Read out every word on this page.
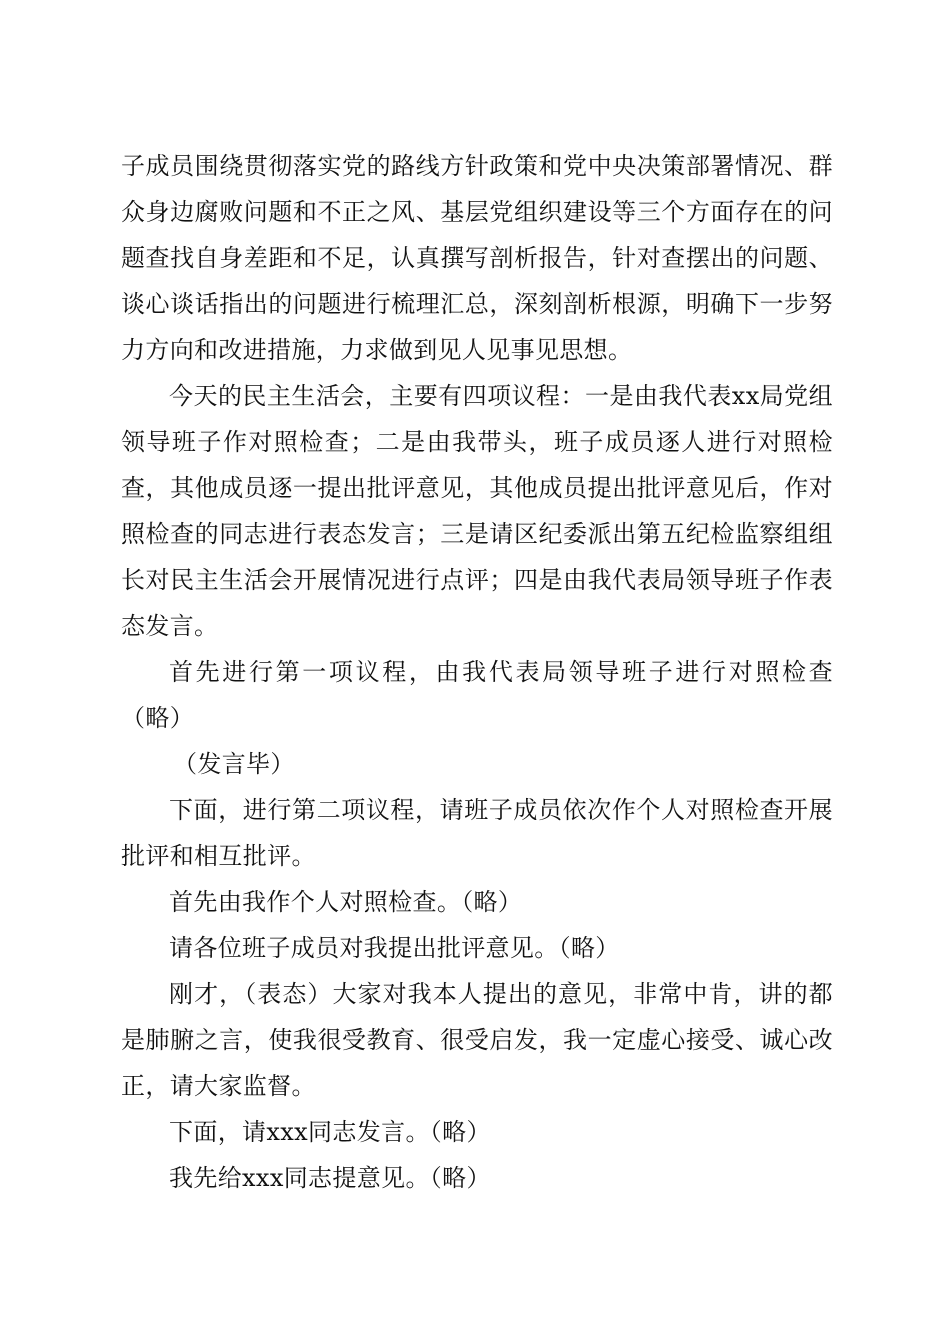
子成员围绕贯彻落实党的路线方针政策和党中央决策部署情况、群众身边腐败问题和不正之风、基层党组织建设等三个方面存在的问题查找自身差距和不足，认真撰写剖析报告，针对查摆出的问题、谈心谈话指出的问题进行梳理汇总，深刻剖析根源，明确下一步努力方向和改进措施，力求做到见人见事见思想。

今天的民主生活会，主要有四项议程：一是由我代表xx局党组领导班子作对照检查；二是由我带头，班子成员逐人进行对照检查，其他成员逐一提出批评意见，其他成员提出批评意见后，作对照检查的同志进行表态发言；三是请区纪委派出第五纪检监察组组长对民主生活会开展情况进行点评；四是由我代表局领导班子作表态发言。

首先进行第一项议程，由我代表局领导班子进行对照检查（略）

（发言毕）

下面，进行第二项议程，请班子成员依次作个人对照检查开展批评和相互批评。

首先由我作个人对照检查。（略）

请各位班子成员对我提出批评意见。（略）

刚才，（表态）大家对我本人提出的意见，非常中肯，讲的都是肺腑之言，使我很受教育、很受启发，我一定虚心接受、诚心改正，请大家监督。

下面，请xxx同志发言。（略）

我先给xxx同志提意见。（略）
